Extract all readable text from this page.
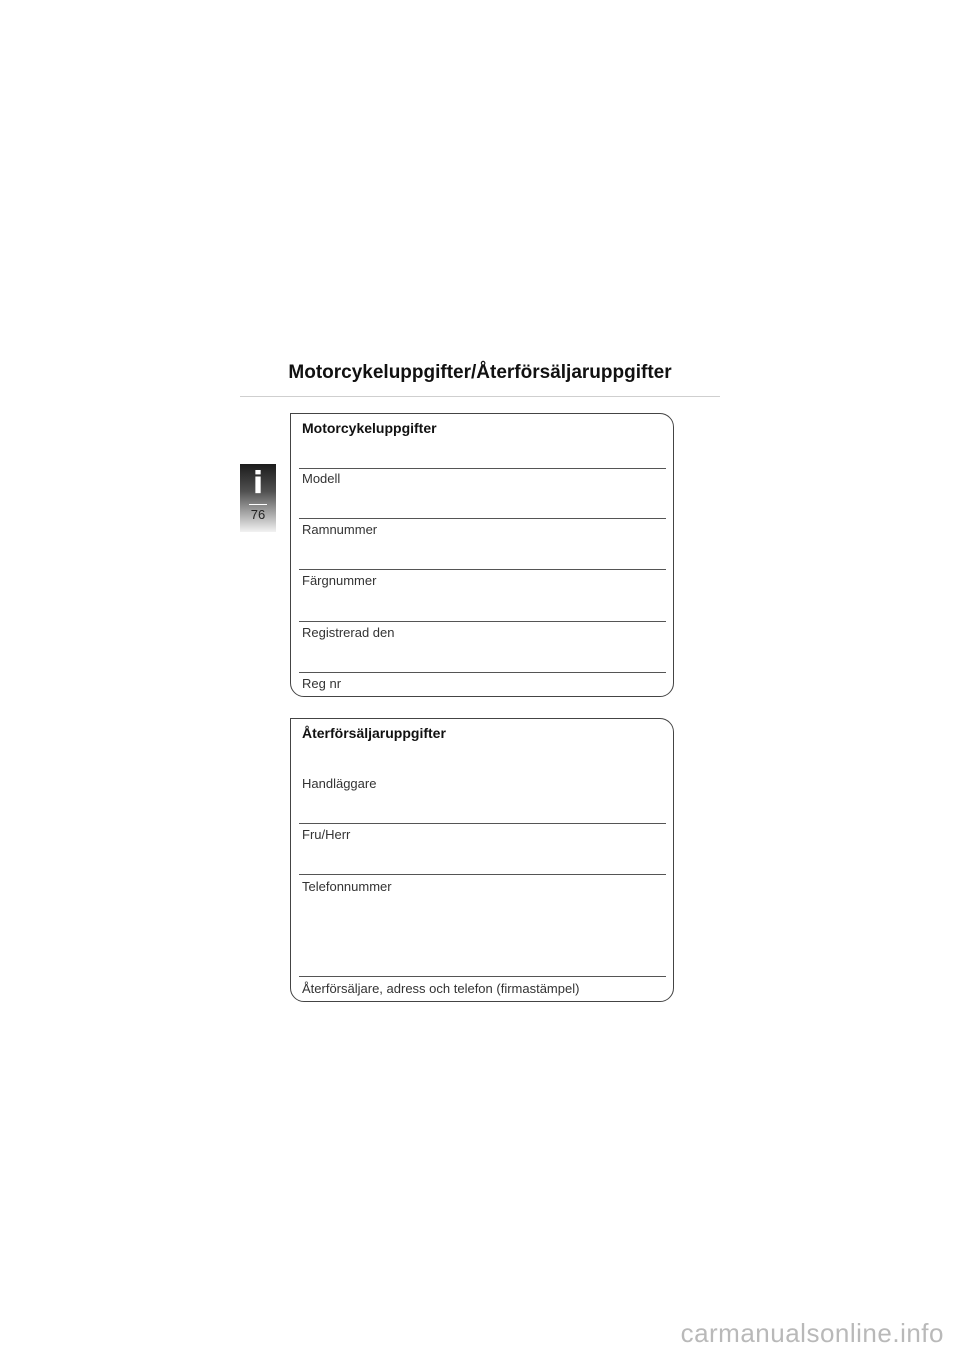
Motorcykeluppgifter/Återförsäljaruppgifter
i
76
Motorcykeluppgifter
Modell
Ramnummer
Färgnummer
Registrerad den
Reg nr
Återförsäljaruppgifter
Handläggare
Fru/Herr
Telefonnummer
Återförsäljare, adress och telefon (firmastämpel)
carmanualsonline.info
